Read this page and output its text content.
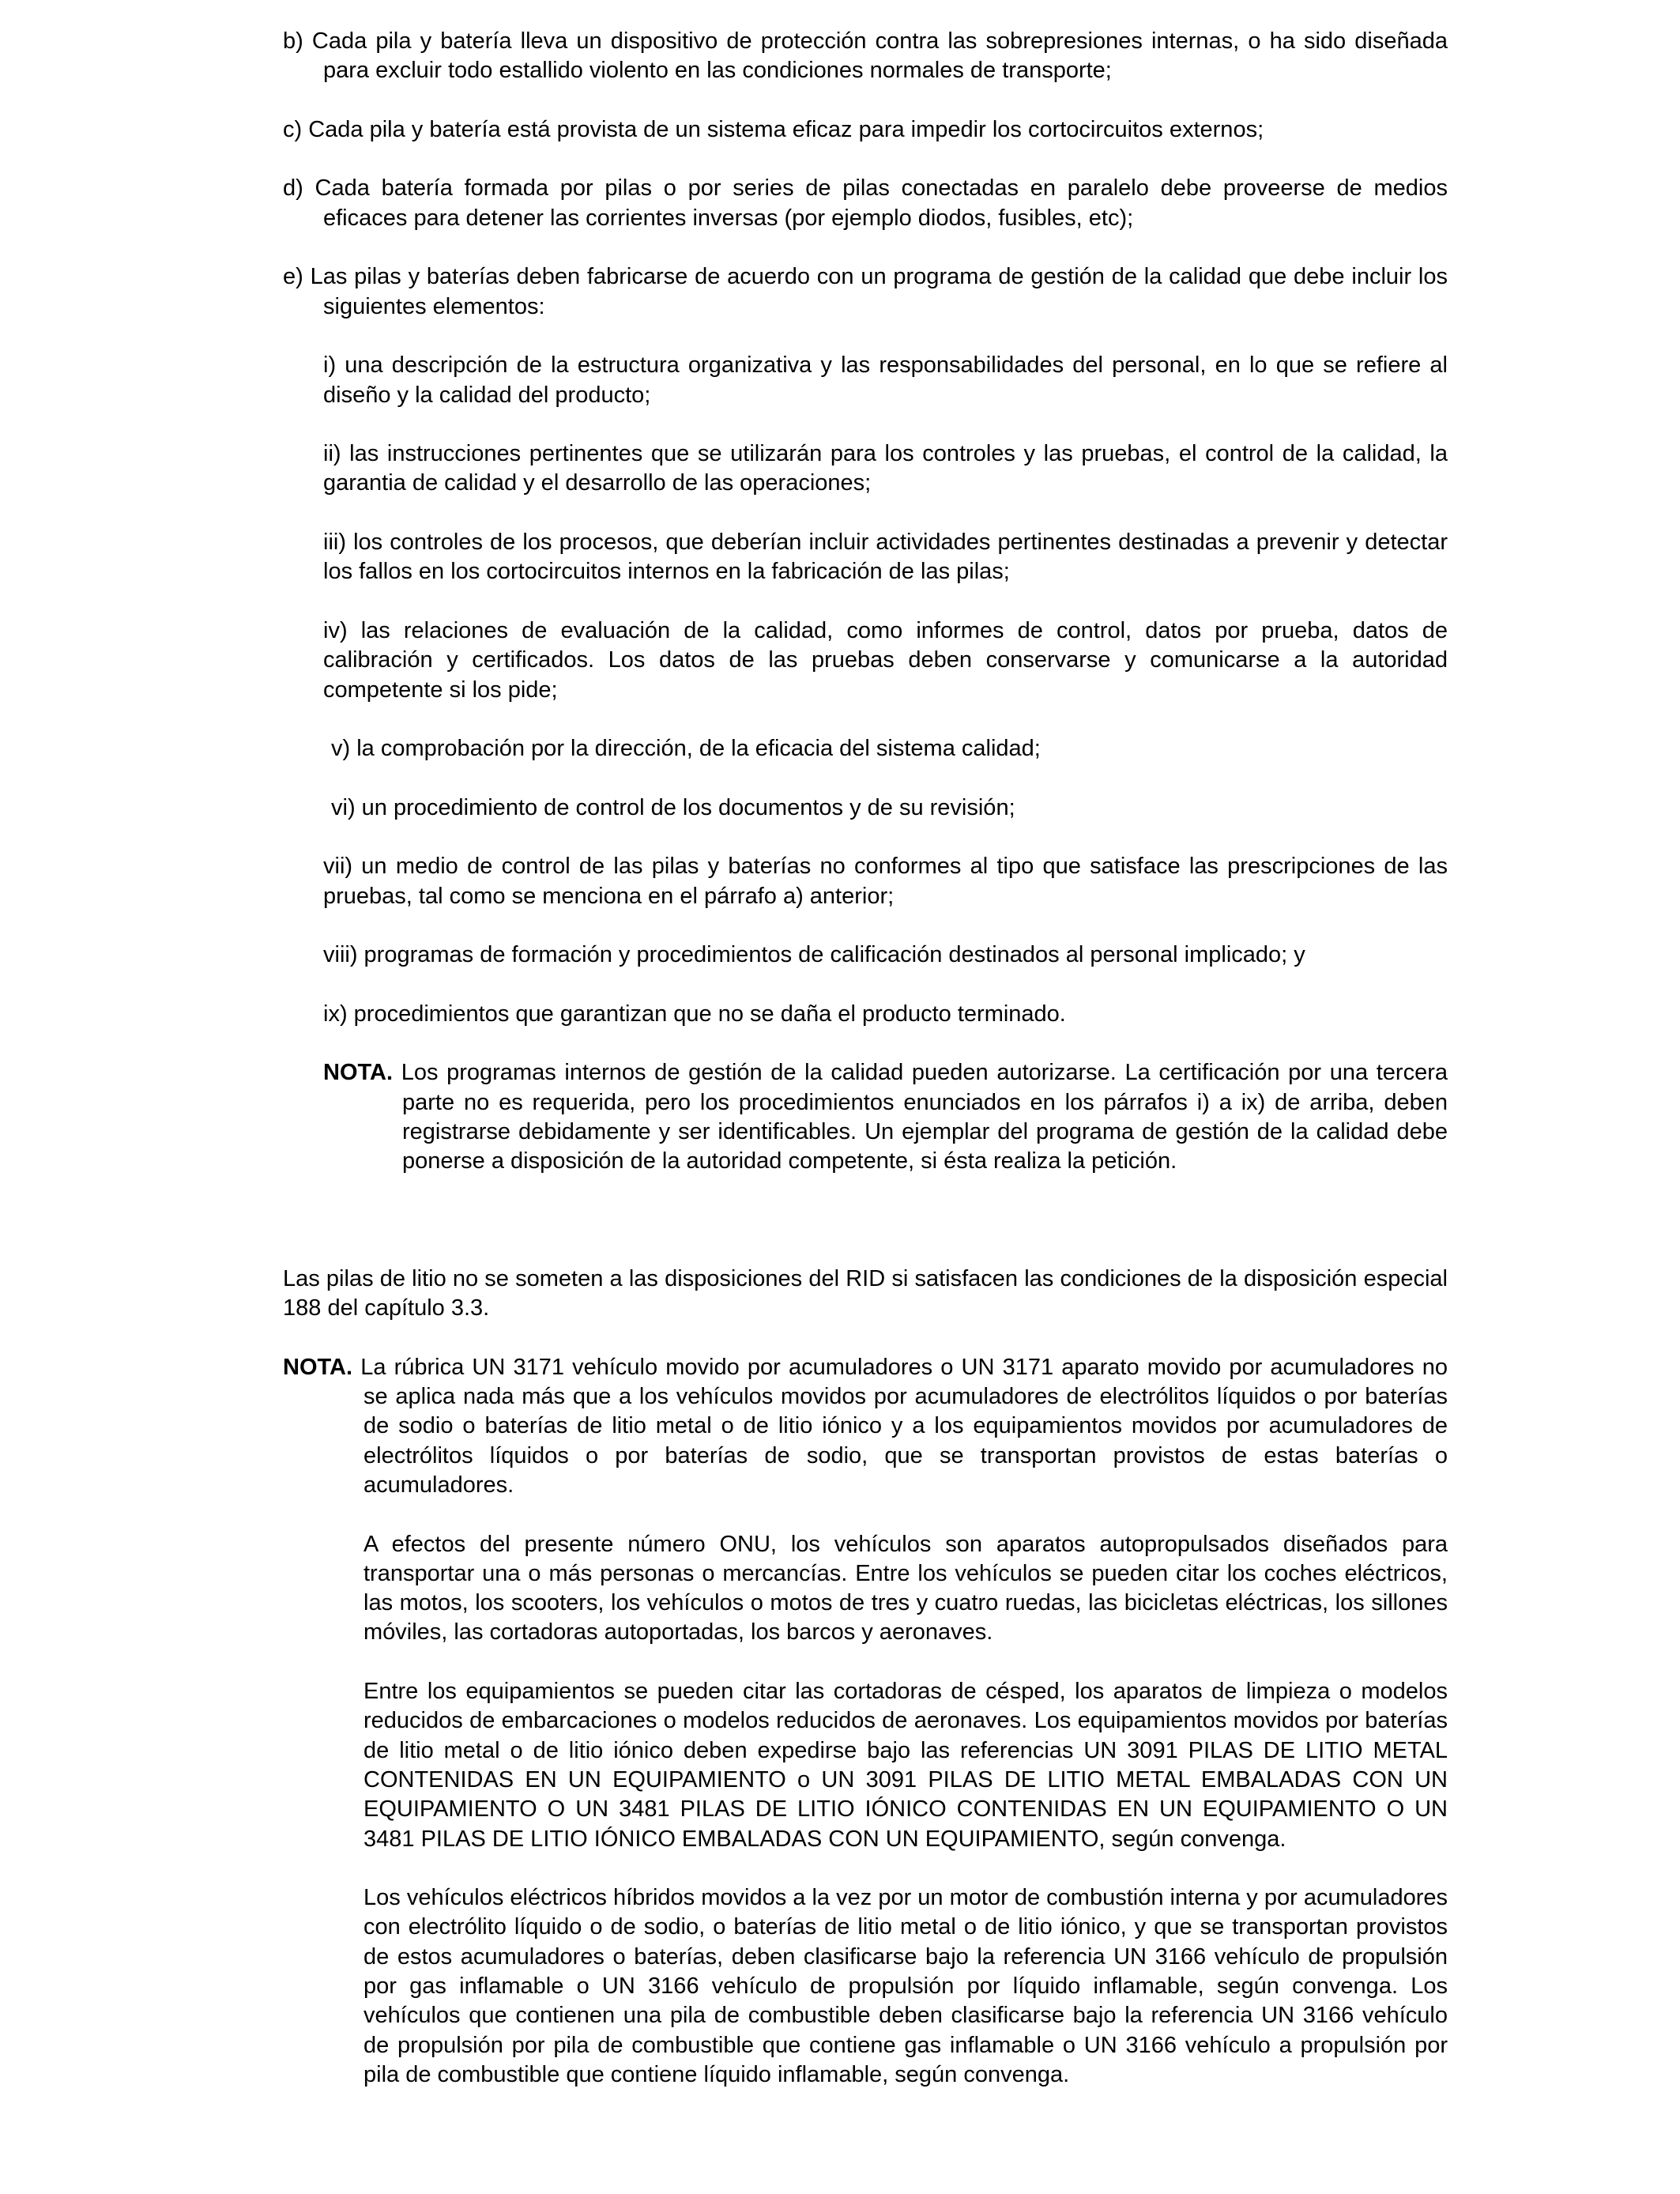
b) Cada pila y batería lleva un dispositivo de protección contra las sobrepresiones internas, o ha sido diseñada para excluir todo estallido violento en las condiciones normales de transporte;

c) Cada pila y batería está provista de un sistema eficaz para impedir los cortocircuitos externos;

d) Cada batería formada por pilas o por series de pilas conectadas en paralelo debe proveerse de medios eficaces para detener las corrientes inversas (por ejemplo diodos, fusibles, etc);

e) Las pilas y baterías deben fabricarse de acuerdo con un programa de gestión de la calidad que debe incluir los siguientes elementos:

i) una descripción de la estructura organizativa y las responsabilidades del personal, en lo que se refiere al diseño y la calidad del producto;

ii) las instrucciones pertinentes que se utilizarán para los controles y las pruebas, el control de la calidad, la garantia de calidad y el desarrollo de las operaciones;

iii) los controles de los procesos, que deberían incluir actividades pertinentes destinadas a prevenir y detectar los fallos en los cortocircuitos internos en la fabricación de las pilas;

iv) las relaciones de evaluación de la calidad, como informes de control, datos por prueba, datos de calibración y certificados. Los datos de las pruebas deben conservarse y comunicarse a la autoridad competente si los pide;

v) la comprobación por la dirección, de la eficacia del sistema calidad;

vi) un procedimiento de control de los documentos y de su revisión;

vii) un medio de control de las pilas y baterías no conformes al tipo que satisface las prescripciones de las pruebas, tal como se menciona en el párrafo a) anterior;

viii) programas de formación y procedimientos de calificación destinados al personal implicado; y

ix) procedimientos que garantizan que no se daña el producto terminado.

NOTA. Los programas internos de gestión de la calidad pueden autorizarse. La certificación por una tercera parte no es requerida, pero los procedimientos enunciados en los párrafos i) a ix) de arriba, deben registrarse debidamente y ser identificables. Un ejemplar del programa de gestión de la calidad debe ponerse a disposición de la autoridad competente, si ésta realiza la petición.

Las pilas de litio no se someten a las disposiciones del RID si satisfacen las condiciones de la disposición especial 188 del capítulo 3.3.

NOTA. La rúbrica UN 3171 vehículo movido por acumuladores o UN 3171 aparato movido por acumuladores no se aplica nada más que a los vehículos movidos por acumuladores de electrólitos líquidos o por baterías de sodio o baterías de litio metal o de litio iónico y a los equipamientos movidos por acumuladores de electrólitos líquidos o por baterías de sodio, que se transportan provistos de estas baterías o acumuladores.

A efectos del presente número ONU, los vehículos son aparatos autopropulsados diseñados para transportar una o más personas o mercancías. Entre los vehículos se pueden citar los coches eléctricos, las motos, los scooters, los vehículos o motos de tres y cuatro ruedas, las bicicletas eléctricas, los sillones móviles, las cortadoras autoportadas, los barcos y aeronaves.

Entre los equipamientos se pueden citar las cortadoras de césped, los aparatos de limpieza o modelos reducidos de embarcaciones o modelos reducidos de aeronaves. Los equipamientos movidos por baterías de litio metal o de litio iónico deben expedirse bajo las referencias UN 3091 PILAS DE LITIO METAL CONTENIDAS EN UN EQUIPAMIENTO o UN 3091 PILAS DE LITIO METAL EMBALADAS CON UN EQUIPAMIENTO O UN 3481 PILAS DE LITIO IÓNICO CONTENIDAS EN UN EQUIPAMIENTO O UN 3481 PILAS DE LITIO IÓNICO EMBALADAS CON UN EQUIPAMIENTO, según convenga.

Los vehículos eléctricos híbridos movidos a la vez por un motor de combustión interna y por acumuladores con electrólito líquido o de sodio, o baterías de litio metal o de litio iónico, y que se transportan provistos de estos acumuladores o baterías, deben clasificarse bajo la referencia UN 3166 vehículo de propulsión por gas inflamable o UN 3166 vehículo de propulsión por líquido inflamable, según convenga. Los vehículos que contienen una pila de combustible deben clasificarse bajo la referencia UN 3166 vehículo de propulsión por pila de combustible que contiene gas inflamable o UN 3166 vehículo a propulsión por pila de combustible que contiene líquido inflamable, según convenga.
